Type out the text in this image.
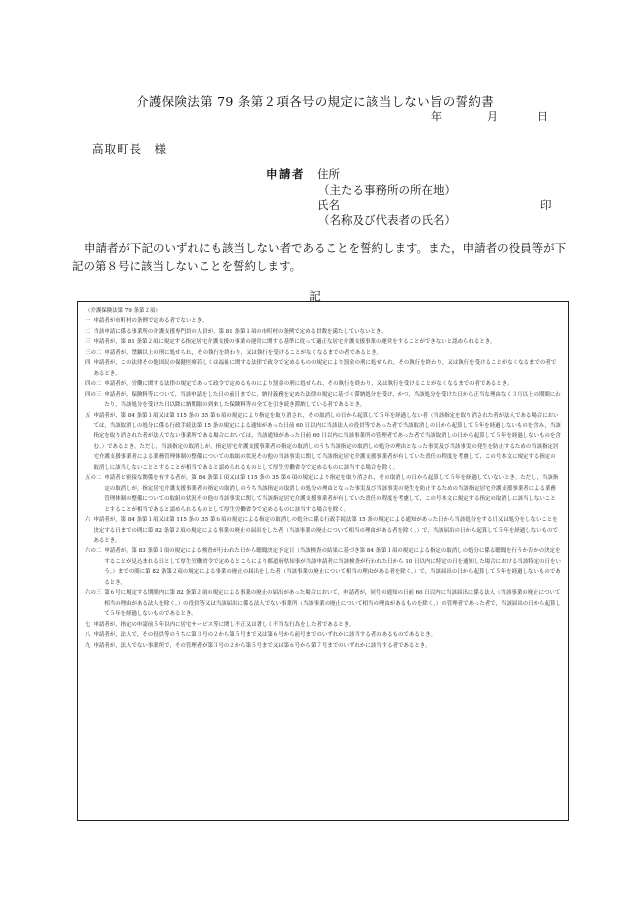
介護保険法第 79 条第２項各号の規定に該当しない旨の誓約書
年	月	日
高取町長　様
申請者 住所
（主たる事務所の所在地）
氏名	印
（名称及び代表者の氏名）

申請者が下記のいずれにも該当しない者であることを誓約します。また，申請者の役員等が下記の第８号に該当しないことを誓約します。

記
（介護保険法第 79 条第２項）
一 申請者が市町村の条例で定める者でないとき。
二 当該申請に係る事業所の介護支援専門員の人員が，第 81 条第１項の市町村の条例で定める員数を満たしていないとき。
三 申請者が，第 81 条第２項に規定する指定居宅介護支援の事業の運営に関する基準に従って適正な居宅介護支援事業の運営をすることができないと認められるとき。
三の二 申請者が，禁錮以上の刑に処せられ，その執行を終わり，又は執行を受けることがなくなるまでの者であるとき。
四 申請者が，この法律その他国民の保健医療若しくは福祉に関する法律で政令で定めるものの規定により罰金の刑に処せられ，その執行を終わり，又は執行を受けることがなくなるまでの者であるとき。
四の二 申請者が，労働に関する法律の規定であって政令で定めるものにより罰金の刑に処せられ，その執行を終わり，又は執行を受けることがなくなるまでの者であるとき。
四の三 申請者が，保険料等について，当該申請をした日の前日までに，納付義務を定めた法律の規定に基づく滞納処分を受け，かつ，当該処分を受けた日から正当な理由なく３月以上の期間にわたり，当該処分を受けた日以降に納期限の到来した保険料等の全てを引き続き滞納している者であるとき。
五 申請者が，第 84 条第１項又は第 115 条の 35 第６項の規定により指定を取り消され，その取消しの日から起算して５年を経過しない者（当該指定を取り消された者が法人である場合においては，当該取消しの処分に係る行政手続法第 15 条の規定による通知があった日前 60 日以内に当該法人の役員等であった者で当該取消しの日から起算して５年を経過しないものを含み，当該指定を取り消された者が法人でない事業所である場合においては，当該通知があった日前 60 日以内に当該事業所の管理者であった者で当該取消しの日から起算して５年を経過しないものを含む。）であるとき。ただし，当該指定の取消しが，指定居宅介護支援事業者の指定の取消しのうち当該指定の取消しの処分の理由となった事実及び当該事実の発生を防止するための当該指定居宅介護支援事業者による業務管理体制の整備についての取組の状況その他の当該事実に関して当該指定居宅介護支援事業者が有していた責任の程度を考慮して，この号本文に規定する指定の取消しに該当しないこととすることが相当であると認められるものとして厚生労働省令で定めるものに該当する場合を除く。
五の二 申請者と密接な関係を有する者が，第 84 条第１項又は第 115 条の 35 第６項の規定により指定を取り消され，その取消しの日から起算して５年を経過していないとき。ただし，当該指定の取消しが，指定居宅介護支援事業者の指定の取消しのうち当該指定の取消しの処分の理由となった事実及び当該事実の発生を防止するための当該指定居宅介護支援事業者による業務管理体制の整備についての取組の状況その他の当該事実に関して当該指定居宅介護支援事業者が有していた責任の程度を考慮して，この号本文に規定する指定の取消しに該当しないこととすることが相当であると認められるものとして厚生労働省令で定めるものに該当する場合を除く。
六 申請者が，第 84 条第１項又は第 115 条の 35 第６項の規定による指定の取消しの処分に係る行政手続法第 15 条の規定による通知があった日から当該処分をする日又は処分をしないことを決定する日までの間に第 82 条第２項の規定による事業の廃止の届出をした者（当該事業の廃止について相当の理由がある者を除く。）で，当該届出の日から起算して５年を経過しないものであるとき。
六の二 申請者が，第 83 条第１項の規定による検査が行われた日から聴聞決定予定日（当該検査の結果に基づき第 84 条第１項の規定による指定の取消しの処分に係る聴聞を行うか否かの決定をすることが見込まれる日として厚生労働省令で定めるところにより都道府県知事が当該申請者に当該検査が行われた日から 10 日以内に特定の日を通知した場合における当該特定の日をいう。）までの間に第 82 条第２項の規定による事業の廃止の届出をした者（当該事業の廃止について相当の理由がある者を除く。）で，当該届出の日から起算して５年を経過しないものであるとき。
六の三 第６号に規定する期間内に第 82 条第２項の規定による事業の廃止の届出があった場合において，申請者が，同号の通知の日前 60 日以内に当該届出に係る法人（当該事業の廃止について相当の理由がある法人を除く。）の役員等又は当該届出に係る法人でない事業所（当該事業の廃止について相当の理由があるものを除く。）の管理者であった者で，当該届出の日から起算して５年を経過しないものであるとき。
七 申請者が，指定の申請前５年以内に居宅サービス等に関し不正又は著しく不当な行為をした者であるとき。
八 申請者が，法人で，その役員等のうちに第３号の２から第５号まで又は第６号から前号までのいずれかに該当する者のあるものであるとき。
九 申請者が，法人でない事業所で，その管理者が第３号の２から第５号まで又は第６号から第７号までのいずれかに該当する者であるとき。
